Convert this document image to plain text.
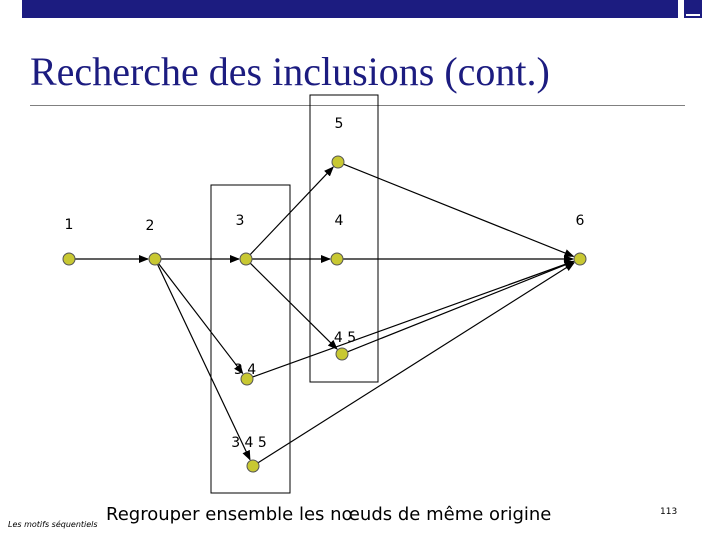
Recherche des inclusions (cont.)
1	2	3	4
5
6
4 5
3 4
3 4 5
Regrouper ensemble les nœuds de même origine
Les motifs séquentiels
113
